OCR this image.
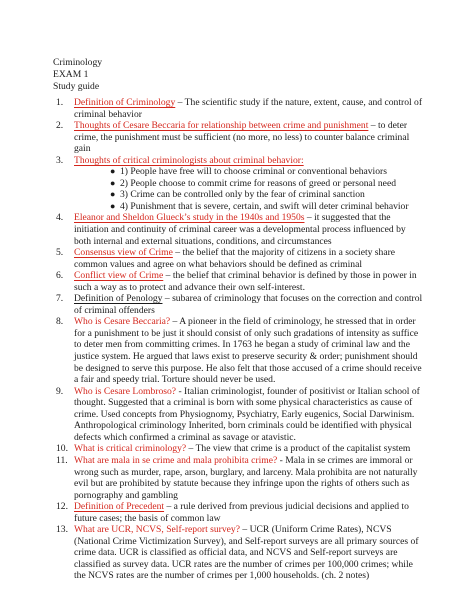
Criminology
EXAM 1
Study guide
1. Definition of Criminology – The scientific study if the nature, extent, cause, and control of criminal behavior
2. Thoughts of Cesare Beccaria for relationship between crime and punishment – to deter crime, the punishment must be sufficient (no more, no less) to counter balance criminal gain
3. Thoughts of critical criminologists about criminal behavior:
● 1) People have free will to choose criminal or conventional behaviors
● 2) People choose to commit crime for reasons of greed or personal need
● 3) Crime can be controlled only by the fear of criminal sanction
● 4) Punishment that is severe, certain, and swift will deter criminal behavior
4. Eleanor and Sheldon Glueck’s study in the 1940s and 1950s – it suggested that the initiation and continuity of criminal career was a developmental process influenced by both internal and external situations, conditions, and circumstances
5. Consensus view of Crime – the belief that the majority of citizens in a society share common values and agree on what behaviors should be defined as criminal
6. Conflict view of Crime – the belief that criminal behavior is defined by those in power in such a way as to protect and advance their own self-interest.
7. Definition of Penology – subarea of criminology that focuses on the correction and control of criminal offenders
8. Who is Cesare Beccaria? – A pioneer in the field of criminology, he stressed that in order for a punishment to be just it should consist of only such gradations of intensity as suffice to deter men from committing crimes. In 1763 he began a study of criminal law and the justice system. He argued that laws exist to preserve security & order; punishment should be designed to serve this purpose. He also felt that those accused of a crime should receive a fair and speedy trial. Torture should never be used.
9. Who is Cesare Lombroso? - Italian criminologist, founder of positivist or Italian school of thought. Suggested that a criminal is born with some physical characteristics as cause of crime. Used concepts from Physiognomy, Psychiatry, Early eugenics, Social Darwinism. Anthropological criminology Inherited, born criminals could be identified with physical defects which confirmed a criminal as savage or atavistic.
10. What is critical criminology? – The view that crime is a product of the capitalist system
11. What are mala in se crime and mala prohibita crime? - Mala in se crimes are immoral or wrong such as murder, rape, arson, burglary, and larceny. Mala prohibita are not naturally evil but are prohibited by statute because they infringe upon the rights of others such as pornography and gambling
12. Definition of Precedent – a rule derived from previous judicial decisions and applied to future cases; the basis of common law
13. What are UCR, NCVS, Self-report survey? – UCR (Uniform Crime Rates), NCVS (National Crime Victimization Survey), and Self-report surveys are all primary sources of crime data. UCR is classified as official data, and NCVS and Self-report surveys are classified as survey data. UCR rates are the number of crimes per 100,000 crimes; while the NCVS rates are the number of crimes per 1,000 households. (ch. 2 notes)
